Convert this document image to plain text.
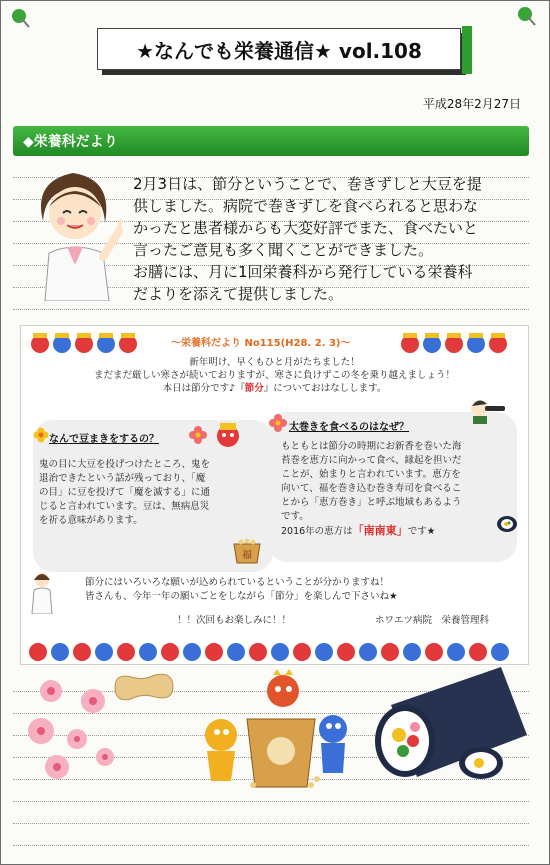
★なんでも栄養通信★ vol.108
平成28年2月27日
◆栄養科だより
2月3日は、節分ということで、巻きずしと大豆を提
供しました。病院で巻きずしを食べられると思わな
かったと患者様からも大変好評でまた、食べたいと
言ったご意見も多く聞くことができました。
お膳には、月に1回栄養科から発行している栄養科
だよりを添えて提供しました。
～栄養科だより No115(H28. 2. 3)～
新年明け、早くもひと月がたちました！
まだまだ厳しい寒さが続いておりますが、寒さに負けずこの冬を乗り越えましょう！
本日は節分です♪『節分』についておはなしします。
なんで豆まきをするの？
鬼の目に大豆を投げつけたところ、鬼を
退治できたという話が残っており、「魔
の目」に豆を投げて「魔を滅する」に通
じると言われています。豆は、無病息災
を祈る意味があります。
福
太巻きを食べるのはなぜ？
もともとは節分の時期にお新香を巻いた海
苔巻を恵方に向かって食べ、縁起を担いだ
ことが、始まりと言われています。恵方を
向いて、福を巻き込む巻き寿司を食べるこ
とから「恵方巻き」と呼ぶ地域もあるよう
です。
2016年の恵方は「南南東」です★
節分にはいろいろな願いが込められているということが分かりますね！
皆さんも、今年一年の願いごとをしながら「節分」を楽しんで下さいね★
！！次回もお楽しみに！！	ホワエツ病院　栄養管理科
